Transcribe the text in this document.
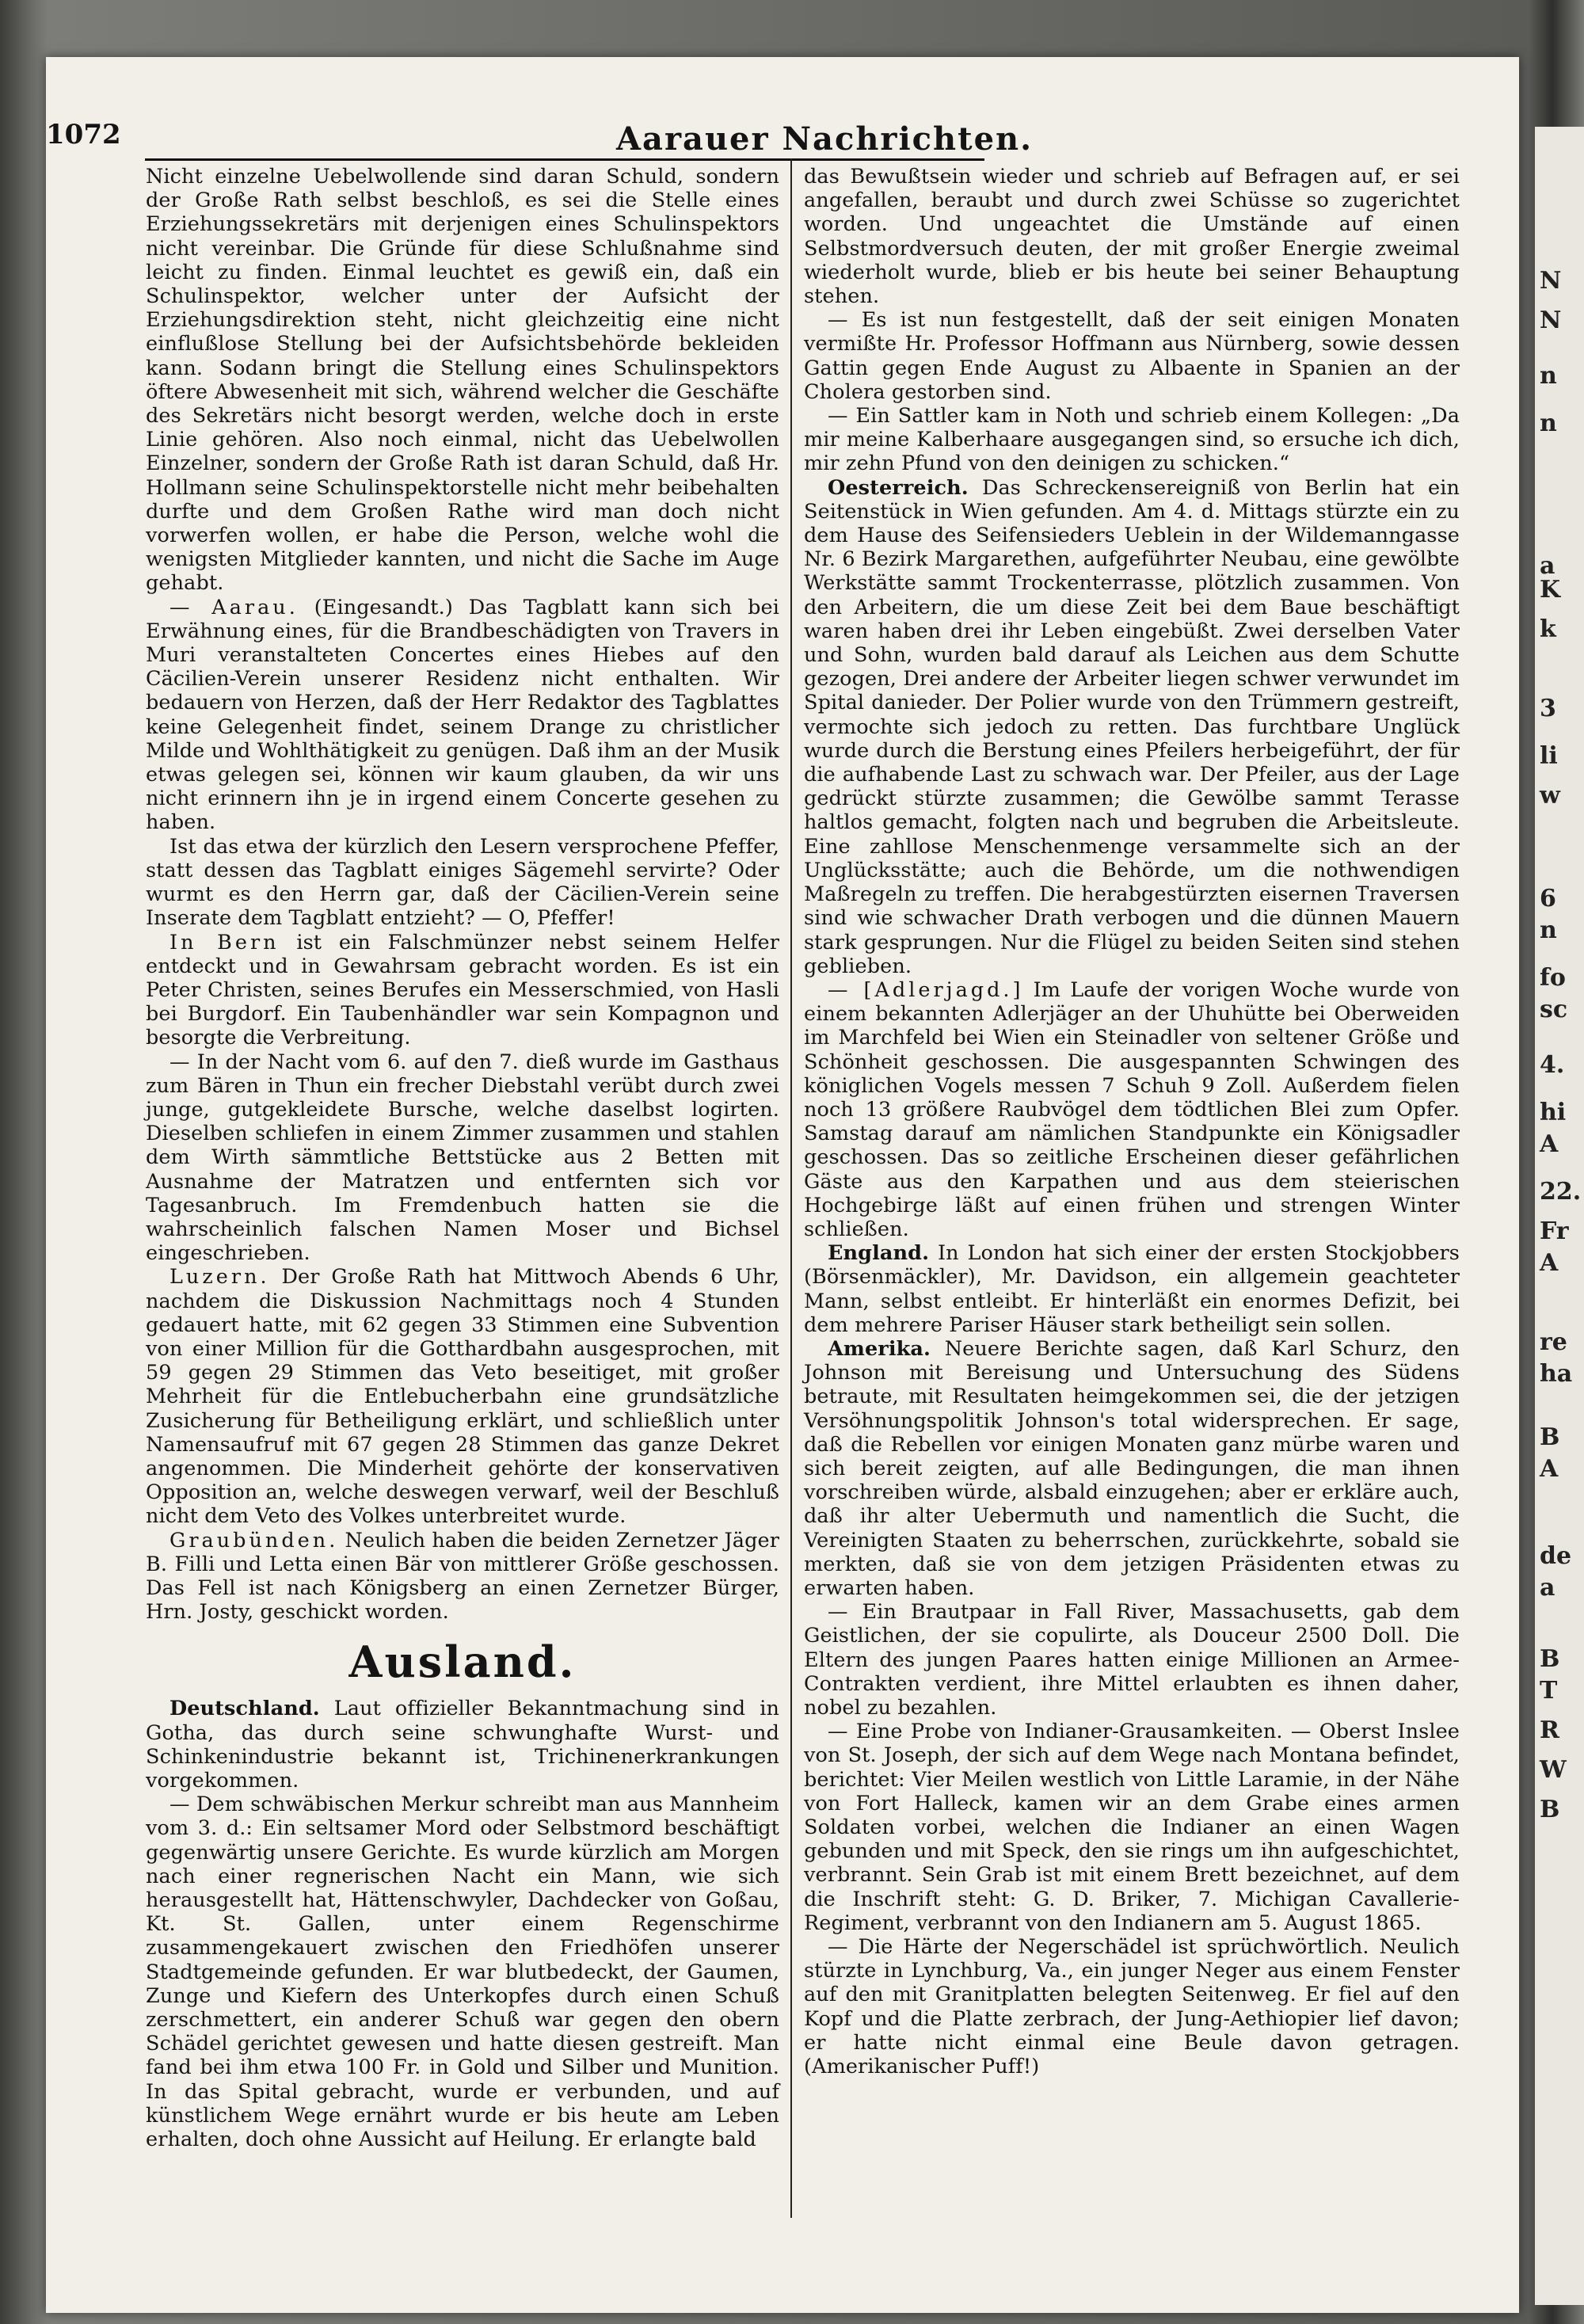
1072	Aarauer Nachrichten.

Nicht einzelne Uebelwollende sind daran Schuld, sondern der Große Rath selbst beschloß, es sei die Stelle eines Erziehungssekretärs mit derjenigen eines Schulinspektors nicht vereinbar. Die Gründe für diese Schlußnahme sind leicht zu finden. Einmal leuchtet es gewiß ein, daß ein Schulinspektor, welcher unter der Aufsicht der Erziehungsdirektion steht, nicht gleichzeitig eine nicht einflußlose Stellung bei der Aufsichtsbehörde bekleiden kann. Sodann bringt die Stellung eines Schulinspektors öftere Abwesenheit mit sich, während welcher die Geschäfte des Sekretärs nicht besorgt werden, welche doch in erste Linie gehören. Also noch einmal, nicht das Uebelwollen Einzelner, sondern der Große Rath ist daran Schuld, daß Hr. Hollmann seine Schulinspektorstelle nicht mehr beibehalten durfte und dem Großen Rathe wird man doch nicht vorwerfen wollen, er habe die Person, welche wohl die wenigsten Mitglieder kannten, und nicht die Sache im Auge gehabt.

— Aarau. (Eingesandt.) Das Tagblatt kann sich bei Erwähnung eines, für die Brandbeschädigten von Travers in Muri veranstalteten Concertes eines Hiebes auf den Cäcilien-Verein unserer Residenz nicht enthalten. Wir bedauern von Herzen, daß der Herr Redaktor des Tagblattes keine Gelegenheit findet, seinem Drange zu christlicher Milde und Wohlthätigkeit zu genügen. Daß ihm an der Musik etwas gelegen sei, können wir kaum glauben, da wir uns nicht erinnern ihn je in irgend einem Concerte gesehen zu haben.

Ist das etwa der kürzlich den Lesern versprochene Pfeffer, statt dessen das Tagblatt einiges Sägemehl servirte? Oder wurmt es den Herrn gar, daß der Cäcilien-Verein seine Inserate dem Tagblatt entzieht? — O, Pfeffer!

In Bern ist ein Falschmünzer nebst seinem Helfer entdeckt und in Gewahrsam gebracht worden. Es ist ein Peter Christen, seines Berufes ein Messerschmied, von Hasli bei Burgdorf. Ein Taubenhändler war sein Kompagnon und besorgte die Verbreitung.

— In der Nacht vom 6. auf den 7. dieß wurde im Gasthaus zum Bären in Thun ein frecher Diebstahl verübt durch zwei junge, gutgekleidete Bursche, welche daselbst logirten. Dieselben schliefen in einem Zimmer zusammen und stahlen dem Wirth sämmtliche Bettstücke aus 2 Betten mit Ausnahme der Matratzen und entfernten sich vor Tagesanbruch. Im Fremdenbuch hatten sie die wahrscheinlich falschen Namen Moser und Bichsel eingeschrieben.

Luzern. Der Große Rath hat Mittwoch Abends 6 Uhr, nachdem die Diskussion Nachmittags noch 4 Stunden gedauert hatte, mit 62 gegen 33 Stimmen eine Subvention von einer Million für die Gotthardbahn ausgesprochen, mit 59 gegen 29 Stimmen das Veto beseitiget, mit großer Mehrheit für die Entlebucherbahn eine grundsätzliche Zusicherung für Betheiligung erklärt, und schließlich unter Namensaufruf mit 67 gegen 28 Stimmen das ganze Dekret angenommen. Die Minderheit gehörte der konservativen Opposition an, welche deswegen verwarf, weil der Beschluß nicht dem Veto des Volkes unterbreitet wurde.

Graubünden. Neulich haben die beiden Zernetzer Jäger B. Filli und Letta einen Bär von mittlerer Größe geschossen. Das Fell ist nach Königsberg an einen Zernetzer Bürger, Hrn. Josty, geschickt worden.

Ausland.

Deutschland. Laut offizieller Bekanntmachung sind in Gotha, das durch seine schwunghafte Wurst- und Schinkenindustrie bekannt ist, Trichinenerkrankungen vorgekommen.

— Dem schwäbischen Merkur schreibt man aus Mannheim vom 3. d.: Ein seltsamer Mord oder Selbstmord beschäftigt gegenwärtig unsere Gerichte. Es wurde kürzlich am Morgen nach einer regnerischen Nacht ein Mann, wie sich herausgestellt hat, Hättenschwyler, Dachdecker von Goßau, Kt. St. Gallen, unter einem Regenschirme zusammengekauert zwischen den Friedhöfen unserer Stadtgemeinde gefunden. Er war blutbedeckt, der Gaumen, Zunge und Kiefern des Unterkopfes durch einen Schuß zerschmettert, ein anderer Schuß war gegen den obern Schädel gerichtet gewesen und hatte diesen gestreift. Man fand bei ihm etwa 100 Fr. in Gold und Silber und Munition. In das Spital gebracht, wurde er verbunden, und auf künstlichem Wege ernährt wurde er bis heute am Leben erhalten, doch ohne Aussicht auf Heilung. Er erlangte bald

das Bewußtsein wieder und schrieb auf Befragen auf, er sei angefallen, beraubt und durch zwei Schüsse so zugerichtet worden. Und ungeachtet die Umstände auf einen Selbstmordversuch deuten, der mit großer Energie zweimal wiederholt wurde, blieb er bis heute bei seiner Behauptung stehen.

— Es ist nun festgestellt, daß der seit einigen Monaten vermißte Hr. Professor Hoffmann aus Nürnberg, sowie dessen Gattin gegen Ende August zu Albaente in Spanien an der Cholera gestorben sind.

— Ein Sattler kam in Noth und schrieb einem Kollegen: „Da mir meine Kalberhaare ausgegangen sind, so ersuche ich dich, mir zehn Pfund von den deinigen zu schicken.“

Oesterreich. Das Schreckensereigniß von Berlin hat ein Seitenstück in Wien gefunden. Am 4. d. Mittags stürzte ein zu dem Hause des Seifensieders Ueblein in der Wildemanngasse Nr. 6 Bezirk Margarethen, aufgeführter Neubau, eine gewölbte Werkstätte sammt Trockenterrasse, plötzlich zusammen. Von den Arbeitern, die um diese Zeit bei dem Baue beschäftigt waren haben drei ihr Leben eingebüßt. Zwei derselben Vater und Sohn, wurden bald darauf als Leichen aus dem Schutte gezogen, Drei andere der Arbeiter liegen schwer verwundet im Spital danieder. Der Polier wurde von den Trümmern gestreift, vermochte sich jedoch zu retten. Das furchtbare Unglück wurde durch die Berstung eines Pfeilers herbeigeführt, der für die aufhabende Last zu schwach war. Der Pfeiler, aus der Lage gedrückt stürzte zusammen; die Gewölbe sammt Terasse haltlos gemacht, folgten nach und begruben die Arbeitsleute. Eine zahllose Menschenmenge versammelte sich an der Unglücksstätte; auch die Behörde, um die nothwendigen Maßregeln zu treffen. Die herabgestürzten eisernen Traversen sind wie schwacher Drath verbogen und die dünnen Mauern stark gesprungen. Nur die Flügel zu beiden Seiten sind stehen geblieben.

— [Adlerjagd.] Im Laufe der vorigen Woche wurde von einem bekannten Adlerjäger an der Uhuhütte bei Oberweiden im Marchfeld bei Wien ein Steinadler von seltener Größe und Schönheit geschossen. Die ausgespannten Schwingen des königlichen Vogels messen 7 Schuh 9 Zoll. Außerdem fielen noch 13 größere Raubvögel dem tödtlichen Blei zum Opfer. Samstag darauf am nämlichen Standpunkte ein Königsadler geschossen. Das so zeitliche Erscheinen dieser gefährlichen Gäste aus den Karpathen und aus dem steierischen Hochgebirge läßt auf einen frühen und strengen Winter schließen.

England. In London hat sich einer der ersten Stockjobbers (Börsenmäckler), Mr. Davidson, ein allgemein geachteter Mann, selbst entleibt. Er hinterläßt ein enormes Defizit, bei dem mehrere Pariser Häuser stark betheiligt sein sollen.

Amerika. Neuere Berichte sagen, daß Karl Schurz, den Johnson mit Bereisung und Untersuchung des Südens betraute, mit Resultaten heimgekommen sei, die der jetzigen Versöhnungspolitik Johnson's total widersprechen. Er sage, daß die Rebellen vor einigen Monaten ganz mürbe waren und sich bereit zeigten, auf alle Bedingungen, die man ihnen vorschreiben würde, alsbald einzugehen; aber er erkläre auch, daß ihr alter Uebermuth und namentlich die Sucht, die Vereinigten Staaten zu beherrschen, zurückkehrte, sobald sie merkten, daß sie von dem jetzigen Präsidenten etwas zu erwarten haben.

— Ein Brautpaar in Fall River, Massachusetts, gab dem Geistlichen, der sie copulirte, als Douceur 2500 Doll. Die Eltern des jungen Paares hatten einige Millionen an Armee-Contrakten verdient, ihre Mittel erlaubten es ihnen daher, nobel zu bezahlen.

— Eine Probe von Indianer-Grausamkeiten. — Oberst Inslee von St. Joseph, der sich auf dem Wege nach Montana befindet, berichtet: Vier Meilen westlich von Little Laramie, in der Nähe von Fort Halleck, kamen wir an dem Grabe eines armen Soldaten vorbei, welchen die Indianer an einen Wagen gebunden und mit Speck, den sie rings um ihn aufgeschichtet, verbrannt. Sein Grab ist mit einem Brett bezeichnet, auf dem die Inschrift steht: G. D. Briker, 7. Michigan Cavallerie-Regiment, verbrannt von den Indianern am 5. August 1865.

— Die Härte der Negerschädel ist sprüchwörtlich. Neulich stürzte in Lynchburg, Va., ein junger Neger aus einem Fenster auf den mit Granitplatten belegten Seitenweg. Er fiel auf den Kopf und die Platte zerbrach, der Jung-Aethiopier lief davon; er hatte nicht einmal eine Beule davon getragen. (Amerikanischer Puff!)

N
N
n
n
a
K
k
3
li
w
6
n
fo
sc
4.
hi
A
22.
Fr
A
re
ha
B
A
de
a
B
T
R
W
B
